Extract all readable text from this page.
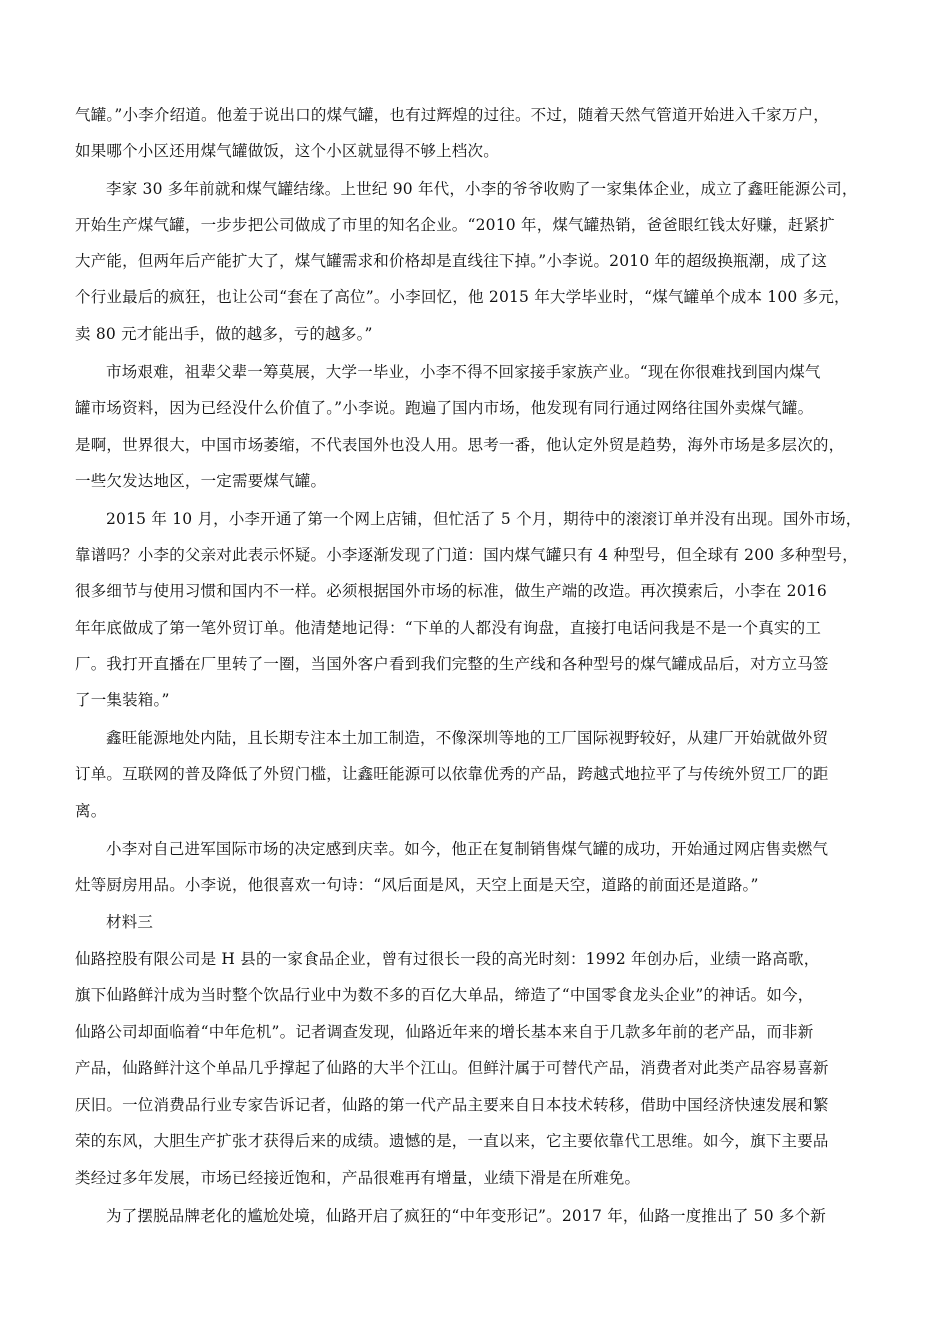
气罐。”小李介绍道。他羞于说出口的煤气罐，也有过辉煌的过往。不过，随着天然气管道开始进入千家万户，
如果哪个小区还用煤气罐做饭，这个小区就显得不够上档次。
李家 30 多年前就和煤气罐结缘。上世纪 90 年代，小李的爷爷收购了一家集体企业，成立了鑫旺能源公司，
开始生产煤气罐，一步步把公司做成了市里的知名企业。“2010 年，煤气罐热销，爸爸眼红钱太好赚，赶紧扩
大产能，但两年后产能扩大了，煤气罐需求和价格却是直线往下掉。”小李说。2010 年的超级换瓶潮，成了这
个行业最后的疯狂，也让公司“套在了高位”。小李回忆，他 2015 年大学毕业时，“煤气罐单个成本 100 多元，
卖 80 元才能出手，做的越多，亏的越多。”
市场艰难，祖辈父辈一筹莫展，大学一毕业，小李不得不回家接手家族产业。“现在你很难找到国内煤气
罐市场资料，因为已经没什么价值了。”小李说。跑遍了国内市场，他发现有同行通过网络往国外卖煤气罐。
是啊，世界很大，中国市场萎缩，不代表国外也没人用。思考一番，他认定外贸是趋势，海外市场是多层次的，
一些欠发达地区，一定需要煤气罐。
2015 年 10 月，小李开通了第一个网上店铺，但忙活了 5 个月，期待中的滚滚订单并没有出现。国外市场，
靠谱吗？小李的父亲对此表示怀疑。小李逐渐发现了门道：国内煤气罐只有 4 种型号，但全球有 200 多种型号，
很多细节与使用习惯和国内不一样。必须根据国外市场的标准，做生产端的改造。再次摸索后，小李在 2016
年年底做成了第一笔外贸订单。他清楚地记得：“下单的人都没有询盘，直接打电话问我是不是一个真实的工
厂。我打开直播在厂里转了一圈，当国外客户看到我们完整的生产线和各种型号的煤气罐成品后，对方立马签
了一集装箱。”
鑫旺能源地处内陆，且长期专注本土加工制造，不像深圳等地的工厂国际视野较好，从建厂开始就做外贸
订单。互联网的普及降低了外贸门槛，让鑫旺能源可以依靠优秀的产品，跨越式地拉平了与传统外贸工厂的距
离。
小李对自己进军国际市场的决定感到庆幸。如今，他正在复制销售煤气罐的成功，开始通过网店售卖燃气
灶等厨房用品。小李说，他很喜欢一句诗：“风后面是风，天空上面是天空，道路的前面还是道路。”
材料三
仙路控股有限公司是 H 县的一家食品企业，曾有过很长一段的高光时刻：1992 年创办后，业绩一路高歌，
旗下仙路鲜汁成为当时整个饮品行业中为数不多的百亿大单品，缔造了“中国零食龙头企业”的神话。如今，
仙路公司却面临着“中年危机”。记者调查发现，仙路近年来的增长基本来自于几款多年前的老产品，而非新
产品，仙路鲜汁这个单品几乎撑起了仙路的大半个江山。但鲜汁属于可替代产品，消费者对此类产品容易喜新
厌旧。一位消费品行业专家告诉记者，仙路的第一代产品主要来自日本技术转移，借助中国经济快速发展和繁
荣的东风，大胆生产扩张才获得后来的成绩。遗憾的是，一直以来，它主要依靠代工思维。如今，旗下主要品
类经过多年发展，市场已经接近饱和，产品很难再有增量，业绩下滑是在所难免。
为了摆脱品牌老化的尴尬处境，仙路开启了疯狂的“中年变形记”。2017 年，仙路一度推出了 50 多个新
